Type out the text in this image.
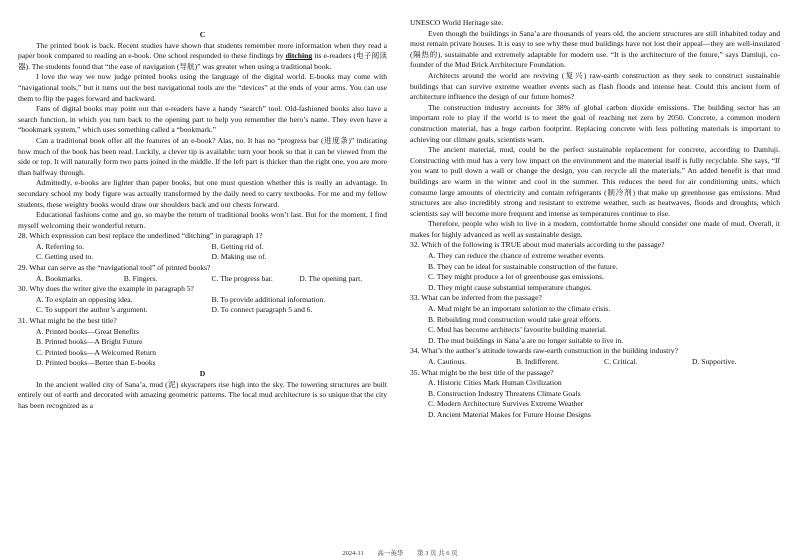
C

The printed book is back. Recent studies have shown that students remember more information when they read a paper book compared to reading an e-book. One school responded to these findings by ditching its e-readers (电子阅读器). The students found that “the ease of navigation (导航)” was greater when using a traditional book.

I love the way we now judge printed books using the language of the digital world. E-books may come with “navigational tools,” but it turns out the best navigational tools are the “devices” at the ends of your arms. You can use them to flip the pages forward and backward.

Fans of digital books may point out that e-readers have a handy “search” tool. Old-fashioned books also have a search function, in which you turn back to the opening part to help you remember the hero’s name. They even have a “bookmark system,” which uses something called a “bookmark.”

Can a traditional book offer all the features of an e-book? Alas, no. It has no “progress bar (进度条)” indicating how much of the book has been read. Luckily, a clever tip is available: turn your book so that it can be viewed from the side or top. It will naturally form two parts joined in the middle. If the left part is thicker than the right one, you are more than halfway through.

Admittedly, e-books are lighter than paper books, but one must question whether this is really an advantage. In secondary school my body figure was actually transformed by the daily need to carry textbooks. For me and my fellow students, these weighty books would draw our shoulders back and our chests forward.

Educational fashions come and go, so maybe the return of traditional books won’t last. But for the moment, I find myself welcoming their wonderful return.

28. Which expression can best replace the underlined “ditching” in paragraph 1?

A. Referring to.	B. Getting rid of.
C. Getting used to.	D. Making use of.

29. What can serve as the “navigational tool” of printed books?

A. Bookmarks.	B. Fingers.	C. The progress bar.	D. The opening part.

30. Why does the writer give the example in paragraph 5?

A. To explain an opposing idea.	B. To provide additional information.
C. To support the author’s argument.	D. To connect paragraph 5 and 6.

31. What might be the best title?

A. Printed books—Great Benefits

B. Printed books—A Bright Future

C. Printed books—A Welcomed Return

D. Printed books—Better than E-books

D

In the ancient walled city of Sana’a, mud (泥) skyscrapers rise high into the sky. The towering structures are built entirely out of earth and decorated with amazing geometric patterns. The local mud architecture is so unique that the city has been recognized as a

UNESCO World Heritage site.

Even though the buildings in Sana’a are thousands of years old, the ancient structures are still inhabited today and most remain private houses. It is easy to see why these mud buildings have not lost their appeal—they are well-insulated (隔热的), sustainable and extremely adaptable for modern use. “It is the architecture of the future,” says Damluji, co-founder of the Mud Brick Architecture Foundation.

Architects around the world are reviving (复兴) raw-earth construction as they seek to construct sustainable buildings that can survive extreme weather events such as flash floods and intense heat. Could this ancient form of architecture influence the design of our future homes?

The construction industry accounts for 38% of global carbon dioxide emissions. The building sector has an important role to play if the world is to meet the goal of reaching net zero by 2050. Concrete, a common modern construction material, has a huge carbon footprint. Replacing concrete with less polluting materials is important to achieving our climate goals, scientists warn.

The ancient material, mud, could be the perfect sustainable replacement for concrete, according to Damluji. Constructing with mud has a very low impact on the environment and the material itself is fully recyclable. She says, “If you want to pull down a wall or change the design, you can recycle all the materials.” An added benefit is that mud buildings are warm in the winter and cool in the summer. This reduces the need for air conditioning units, which consume large amounts of electricity and contain refrigerants (制冷剂) that make up greenhouse gas emissions. Mud structures are also incredibly strong and resistant to extreme weather, such as heatwaves, floods and droughts, which scientists say will become more frequent and intense as temperatures continue to rise.

Therefore, people who wish to live in a modern, comfortable home should consider one made of mud. Overall, it makes for highly advanced as well as sustainable design.

32. Which of the following is TRUE about mud materials according to the passage?

A. They can reduce the chance of extreme weather events.

B. They can be ideal for sustainable construction of the future.

C. They might produce a lot of greenhouse gas emissions.

D. They might cause substantial temperature changes.

33. What can be inferred from the passage?

A. Mud might be an important solution to the climate crisis.

B. Rebuilding mud construction would take great efforts.

C. Mud has become architects’ favourite building material.

D. The mud buildings in Sana’a are no longer suitable to live in.

34. What’s the author’s attitude towards raw-earth construction in the building industry?

A. Cautious.	B. Indifferent.	C. Critical.	D. Supportive.

35. What might be the best title of the passage?

A. Historic Cities Mark Human Civilization

B. Construction Industry Threatens Climate Goals

C. Modern Architecture Survives Extreme Weather

D. Ancient Material Makes for Future House Designs

2024-11 高一英华 第 3 页 共 6 页
